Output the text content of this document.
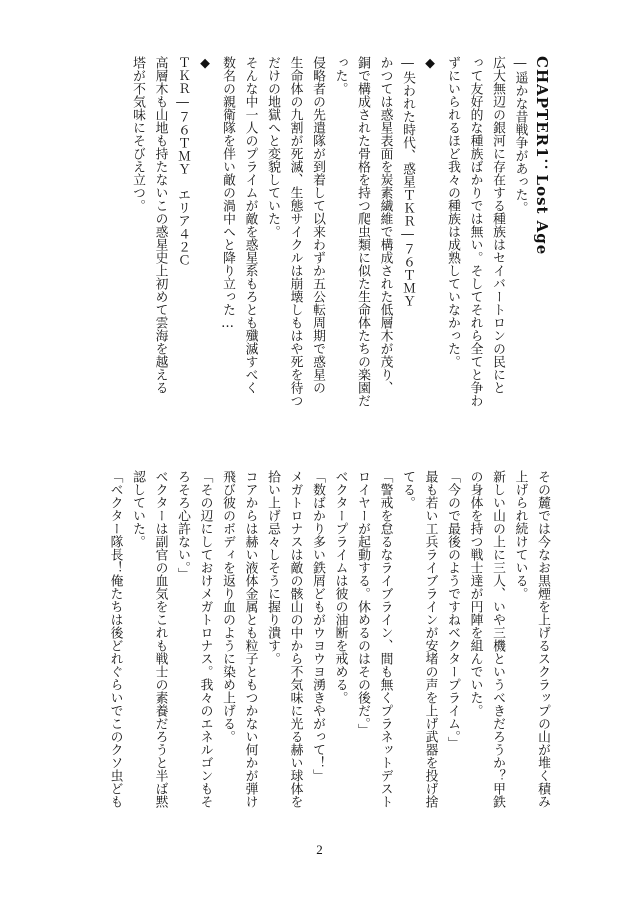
CHAPTER1：Lost Age
―遥かな昔戦争があった。
広大無辺の銀河に存在する種族はセイバートロンの民にと
って友好的な種族ばかりでは無い。そしてそれら全てと争わ
ずにいられるほど我々の種族は成熟していなかった。
◆
―失われた時代、惑星ＴＫＲ―７６ＴＭＹ
かつては惑星表面を炭素繊維で構成された低層木が茂り、
銅で構成された骨格を持つ爬虫類に似た生命体たちの楽園だ
った。
侵略者の先遣隊が到着して以来わずか五公転周期で惑星の
生命体の九割が死滅、生態サイクルは崩壊しもはや死を待つ
だけの地獄へと変貌していた。
そんな中一人のプライムが敵を惑星系もろとも殲滅すべく
数名の親衛隊を伴い敵の渦中へと降り立った…
◆
ＴＫＲ―７６ＴＭＹ　エリア４２Ｃ
高層木も山地も持たないこの惑星史上初めて雲海を越える
塔が不気味にそびえ立つ。
その麓では今なお黒煙を上げるスクラップの山が堆く積み
上げられ続けている。
新しい山の上に三人、いや三機というべきだろうか？甲鉄
の身体を持つ戦士達が円陣を組んでいた。
「今ので最後のようですねベクタープライム。」
最も若い工兵ライブラインが安堵の声を上げ武器を投げ捨
てる。
「警戒を怠るなライブライン、間も無くプラネットデスト
ロイヤーが起動する。休めるのはその後だ。」
ベクタープライムは彼の油断を戒める。
「数ばかり多い鉄屑どもがウヨウヨ湧きやがって！」
メガトロナスは敵の骸山の中から不気味に光る赫い球体を
拾い上げ忌々しそうに握り潰す。
コアからは赫い液体金属とも粒子ともつかない何かが弾け
飛び彼のボディを返り血のように染め上げる。
「その辺にしておけメガトロナス。我々のエネルゴンもそ
ろそろ心許ない。」
ベクターは副官の血気をこれも戦士の素養だろうと半ば黙
認していた。
「ベクター隊長！俺たちは後どれぐらいでこのクソ虫ども
2
